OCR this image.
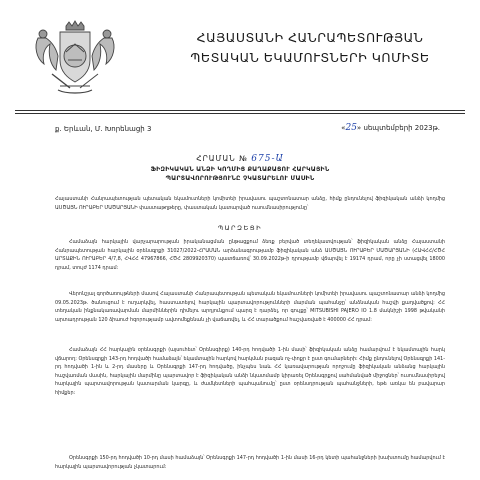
ՀԱՅԱՍՏԱՆԻ ՀԱՆՐԱՊԵՏՈՒԹՅԱՆ
ՊԵՏԱԿԱՆ ԵԿԱՄՈՒՏՆԵՐԻ ԿՈՄԻՏԵ
ք. Երևան, Մ. Խորենացի 3	«25» սեպտեմբերի 2023թ.
ՀՐԱՄԱՆ № 675-Ա
ՖԻԶԻԿԱԿԱՆ ԱՆՁԻ ԿՈՂՄԻՑ ՔԱՂԱՔԱՑՈՒ ՀԱՐԿԱՅԻՆ
ՊԱՐՏԱՎՈՐՈՒԹՅՈՒՆԸ ՉԿԱՏԱՐԵԼՈՒ ՄԱՍԻՆ
Հայաստանի Հանրապետության պետական եկամուտների կոմիտեի իրավասու պաշտոնատար անձը, հիմք ընդունելով ֆիզիկական անձի կողմից ԱՍԾԱՅՆ ՈՒՐԱԲԵՐ ՄԱԾԱՐՅԱՆԻ փաստաթղթերը, փաստական կատարված ուսումնասիրությունը՝
ՊԱՐԶԵՑԻ
Համաձայն հարկային վարչարարության իրականացման ընթացքում ձեռք բերված տեղեկատվության՝ ֆիզիկական անձը Հայաստանի Հանրապետության հարկային օրենսգրքի 31027/2022-ՀՐԱՄԱՆ արձանագրությամբ ֆիզիկական անձ ԱՍԾԱՅՆ ՈՒՐԱԲԵՐ ՄԱԾԱՐՅԱՆԻ (ՀԱՎՀՀ/ՀԾՀ ԱՐՏԱՔԻՆ ՈՒՐԱԲԵՐ 4/7,8, ՀՎՀՀ 47967866, ՀԾՀ 2809920370) պատճառով՝ 30.09.2022թ-ի դրությամբ վճարվել է 19174 դրամ, որը չի ստացվել 18000 դրամ, տույժ 1174 դրամ:
Վերոնշյալ գործառույթների մասով Հայաստանի Հանրապետության պետական եկամուտների կոմիտեի իրավասու պաշտոնատար անձի կողմից 09.05.2023թ. ծանուցում է ուղարկվել, հաստատելով հարկային պարտավորությունների մարման պահանջը՝ անձնական հաշվի քաղվածքով: ՀՀ տեղական ինքնակառավարման մարմիններին դիմելու արդյունքում պարզ է դարձել, որ գույքը՝ MITSUBISHI PAJERO IO 1.8 մակնիշի 1998 թվականի արտադրության 120 ձիաուժ հզորությամբ ավտոմեքենան չի վաճառվել, և ՀՀ տարածքում հաշվառված է 400000 ՀՀ դրամ:
Համաձայն ՀՀ հարկային օրենսգրքի (այսուհետ՝ Օրենսգիրք) 140-րդ հոդվածի 1-ին մասի՝ ֆիզիկական անձը համարվում է եկամտային հարկ վճարող: Օրենսգրքի 143-րդ հոդվածի համաձայն՝ եկամտային հարկով հարկման բազան ոչ-փոքր է ըստ գումարների: Հիմք ընդունելով Օրենսգրքի 141-րդ հոդվածի 1-ին և 2-րդ մասերը և Օրենսգրքի 147-րդ հոդվածը, ինչպես նաև ՀՀ կառավարության որոշումը ֆիզիկական անձանց հարկային հաշվառման մասին, հարկային մարմինը պարտավոր է ֆիզիկական անձի նկատմամբ կիրառել Օրենսգրքով սահմանված միջոցներ՝ ուսումնասիրելով հարկային պարտավորության կատարման կարգը, և ժամկետների պահպանումը՝ ըստ օրենսդրության պահանջների, եթե առկա են բավարար հիմքեր:
Օրենսգրքի 150-րդ հոդվածի 10-րդ մասի համաձայն՝ Օրենսգրքի 147-րդ հոդվածի 1-ին մասի 16-րդ կետի պահանջների խախտումը համարվում է հարկային պարտավորության չկատարում:
